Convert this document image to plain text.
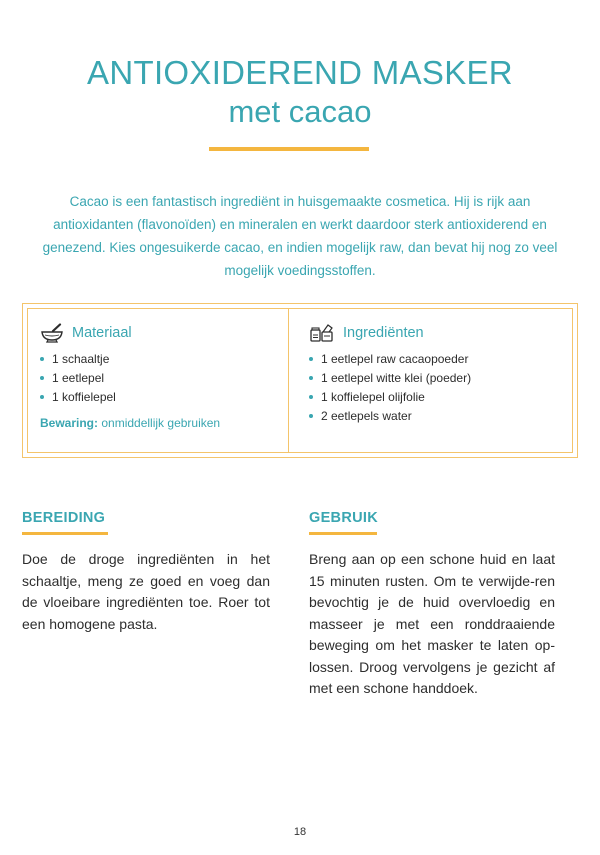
ANTIOXIDEREND MASKER
met cacao
Cacao is een fantastisch ingrediënt in huisgemaakte cosmetica. Hij is rijk aan antioxidanten (flavonoïden) en mineralen en werkt daardoor sterk antioxiderend en genezend. Kies ongesuikerde cacao, en indien mogelijk raw, dan bevat hij nog zo veel mogelijk voedingsstoffen.
Materiaal
1 schaaltje
1 eetlepel
1 koffielepel
Bewaring: onmiddellijk gebruiken
Ingrediënten
1 eetlepel raw cacaopoeder
1 eetlepel witte klei (poeder)
1 koffielepel olijfolie
2 eetlepels water
BEREIDING
Doe de droge ingrediënten in het schaaltje, meng ze goed en voeg dan de vloeibare ingrediënten toe. Roer tot een homogene pasta.
GEBRUIK
Breng aan op een schone huid en laat 15 minuten rusten. Om te verwijde-ren bevochtig je de huid overvloedig en masseer je met een ronddraaiende beweging om het masker te laten op-lossen. Droog vervolgens je gezicht af met een schone handdoek.
18
